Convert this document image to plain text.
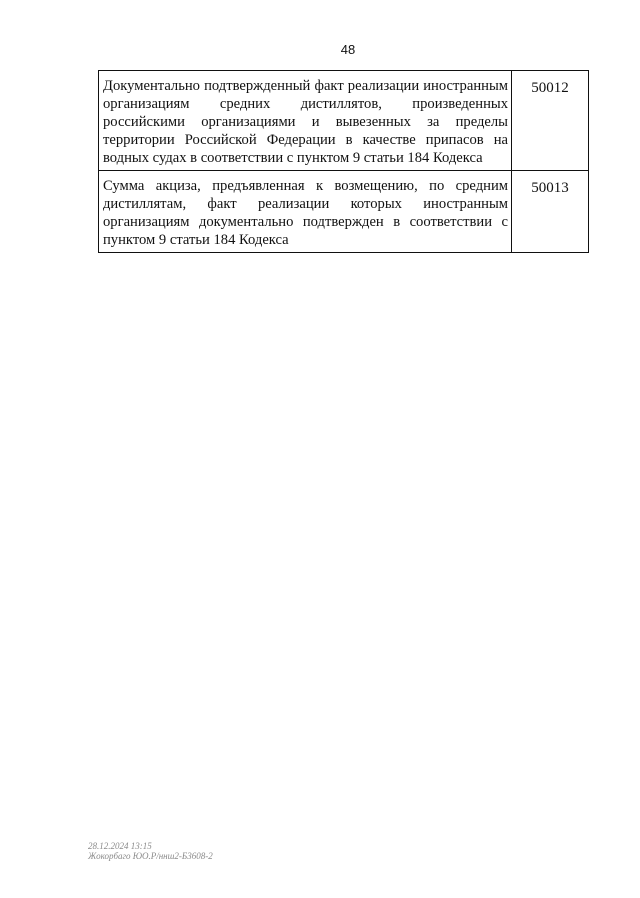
48
Документально подтвержденный факт реализации иностранным организациям средних дистиллятов, произведенных российскими организациями и вывезенных за пределы территории Российской Федерации в качестве припасов на водных судах в соответствии с пунктом 9 статьи 184 Кодекса	50012
Сумма акциза, предъявленная к возмещению, по средним дистиллятам, факт реализации которых иностранным организациям документально подтвержден в соответствии с пунктом 9 статьи 184 Кодекса	50013
28.12.2024 13:15
Жокорбаго ЮО.Р/ннш2-Б3608-2
